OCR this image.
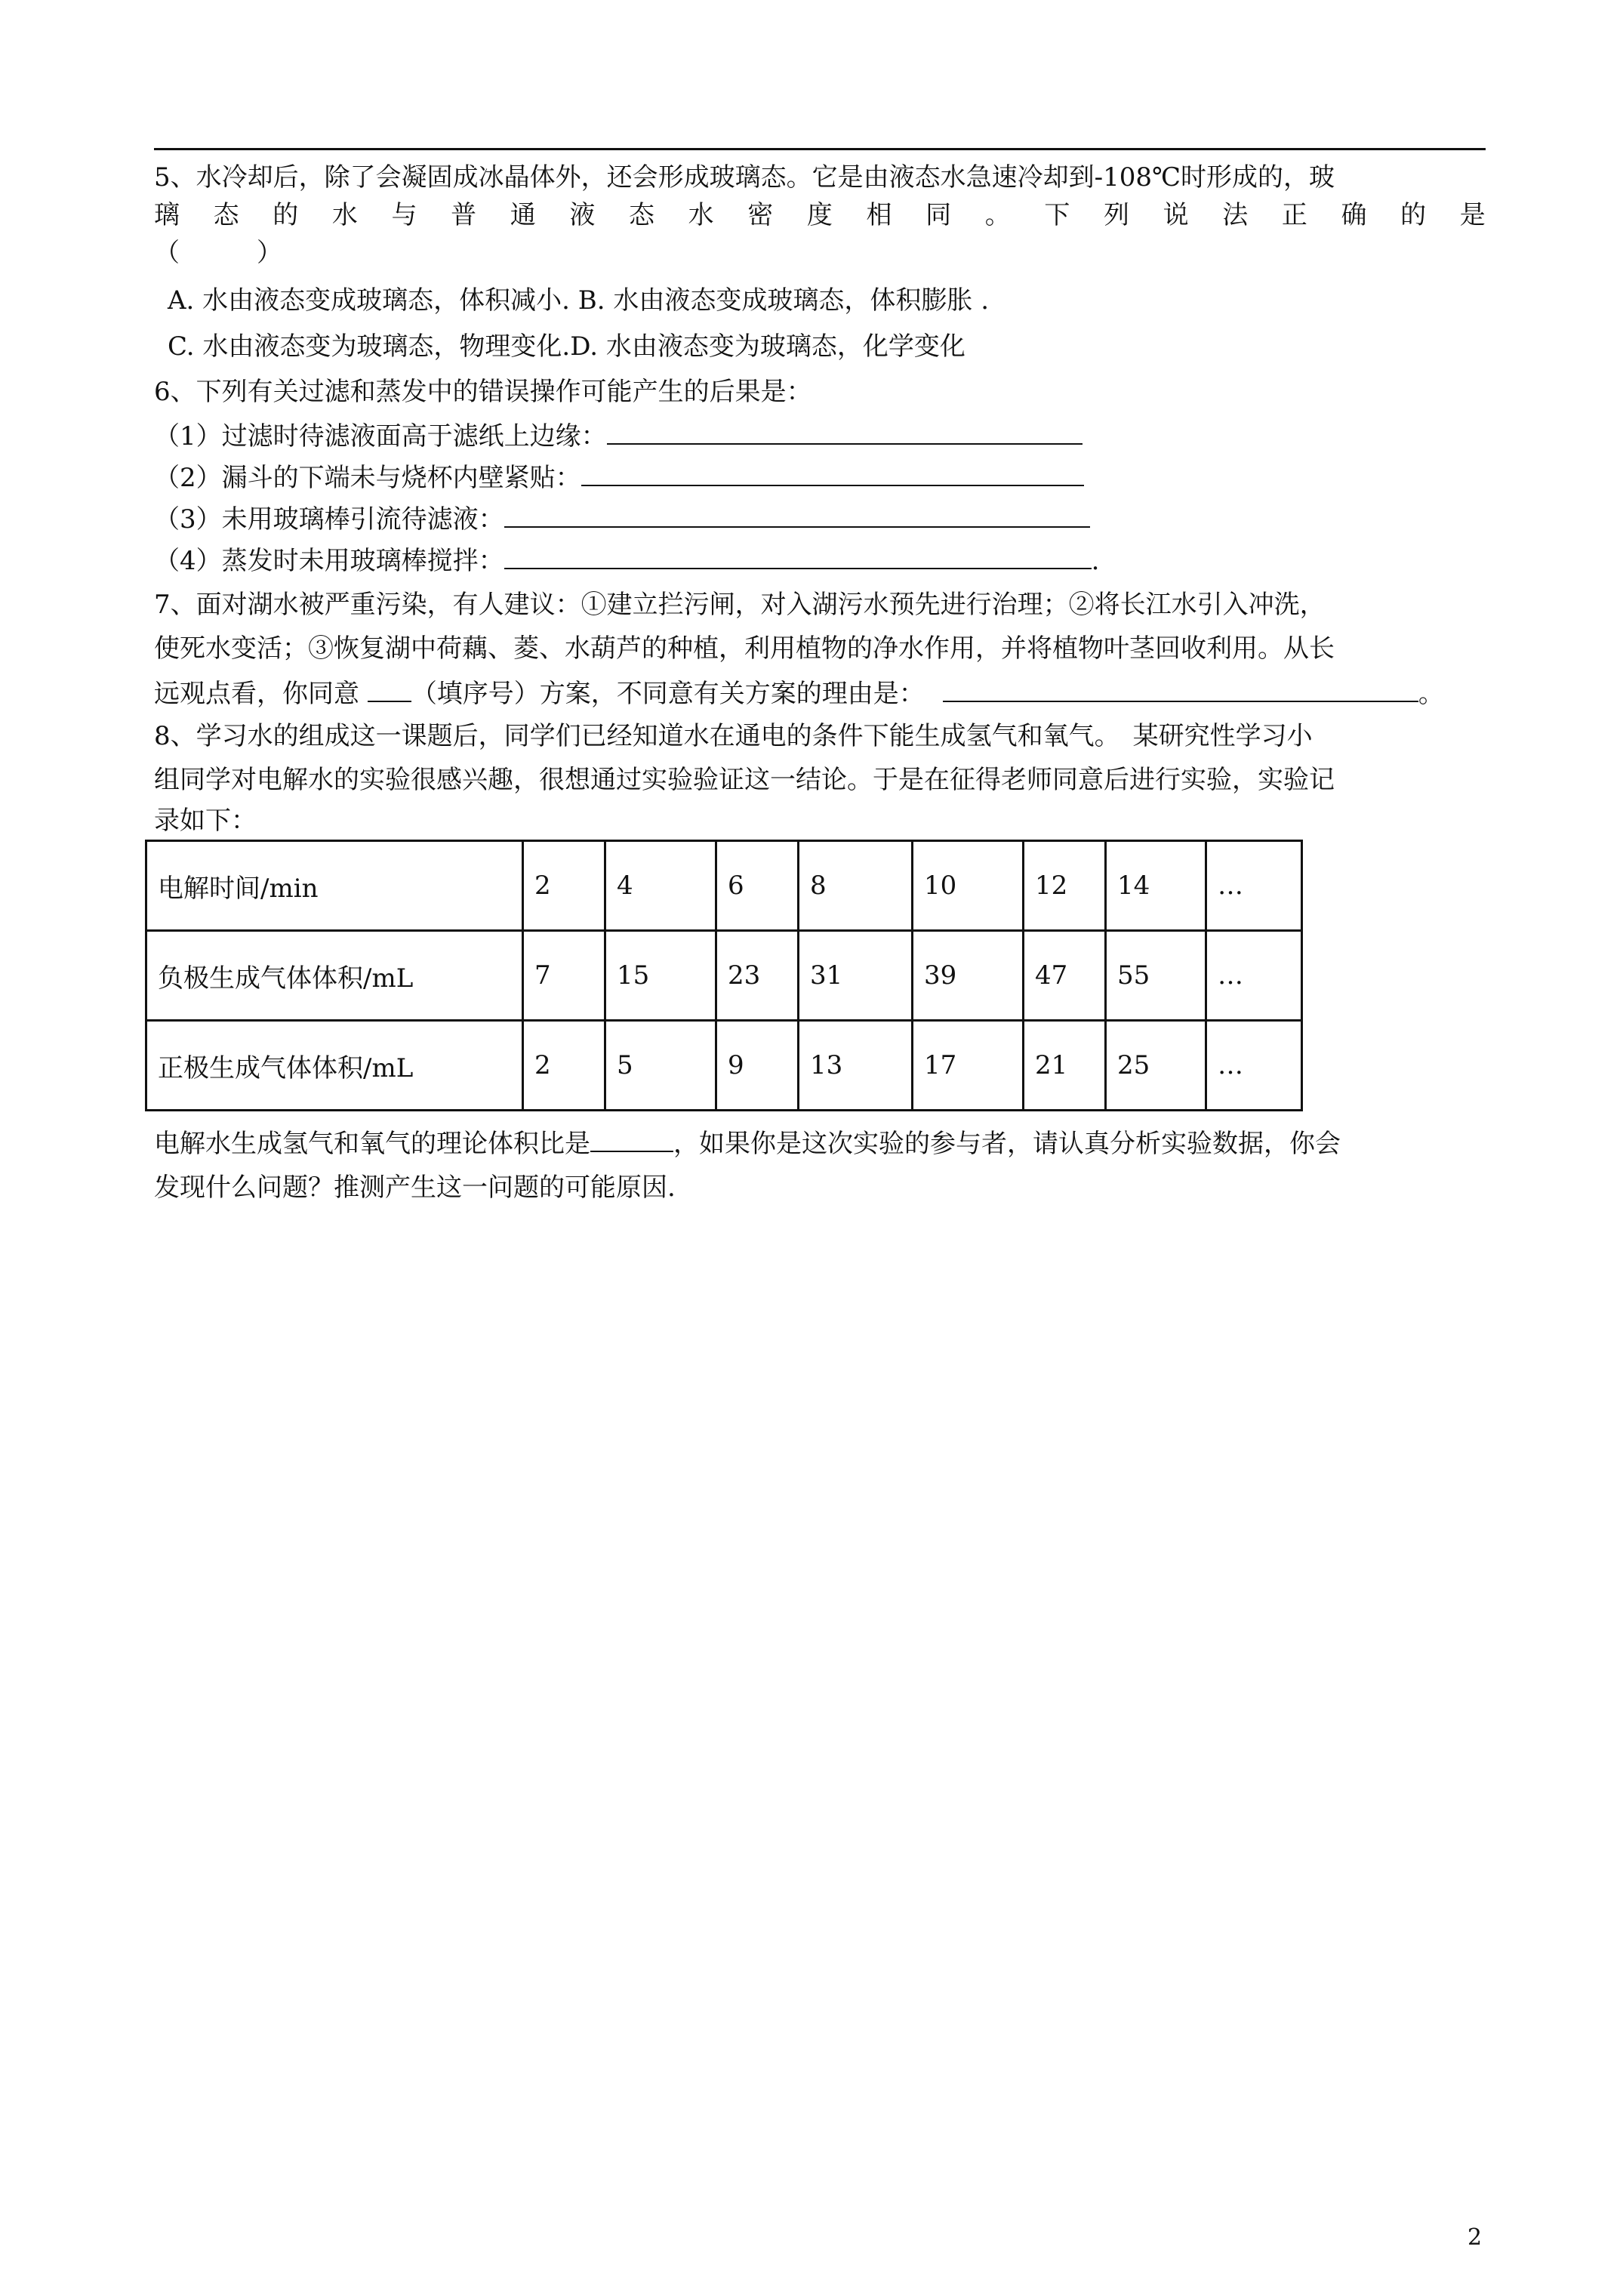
5、水冷却后，除了会凝固成冰晶体外，还会形成玻璃态。它是由液态水急速冷却到-108℃时形成的，玻
璃 态 的 水 与 普 通 液 态 水 密 度 相 同 。 下 列 说 法 正 确 的 是
（　　　）
A. 水由液态变成玻璃态，体积减小. B. 水由液态变成玻璃态，体积膨胀 .
C. 水由液态变为玻璃态，物理变化.D. 水由液态变为玻璃态，化学变化
6、下列有关过滤和蒸发中的错误操作可能产生的后果是：
（1）过滤时待滤液面高于滤纸上边缘：
（2）漏斗的下端未与烧杯内壁紧贴：
（3）未用玻璃棒引流待滤液：
（4）蒸发时未用玻璃棒搅拌：	.
7、面对湖水被严重污染，有人建议：①建立拦污闸，对入湖污水预先进行治理；②将长江水引入冲洗，
使死水变活；③恢复湖中荷藕、菱、水葫芦的种植，利用植物的净水作用，并将植物叶茎回收利用。从长
远观点看，你同意 （填序号）方案，不同意有关方案的理由是：	。
8、学习水的组成这一课题后，同学们已经知道水在通电的条件下能生成氢气和氧气。　某研究性学习小
组同学对电解水的实验很感兴趣，很想通过实验验证这一结论。于是在征得老师同意后进行实验，实验记
录如下：
电解时间/min	2	4	6	8	10	12	14	…
负极生成气体体积/mL	7	15	23	31	39	47	55	…
正极生成气体体积/mL	2	5	9	13	17	21	25	…
电解水生成氢气和氧气的理论体积比是	，如果你是这次实验的参与者，请认真分析实验数据，你会
发现什么问题？推测产生这一问题的可能原因.
2
